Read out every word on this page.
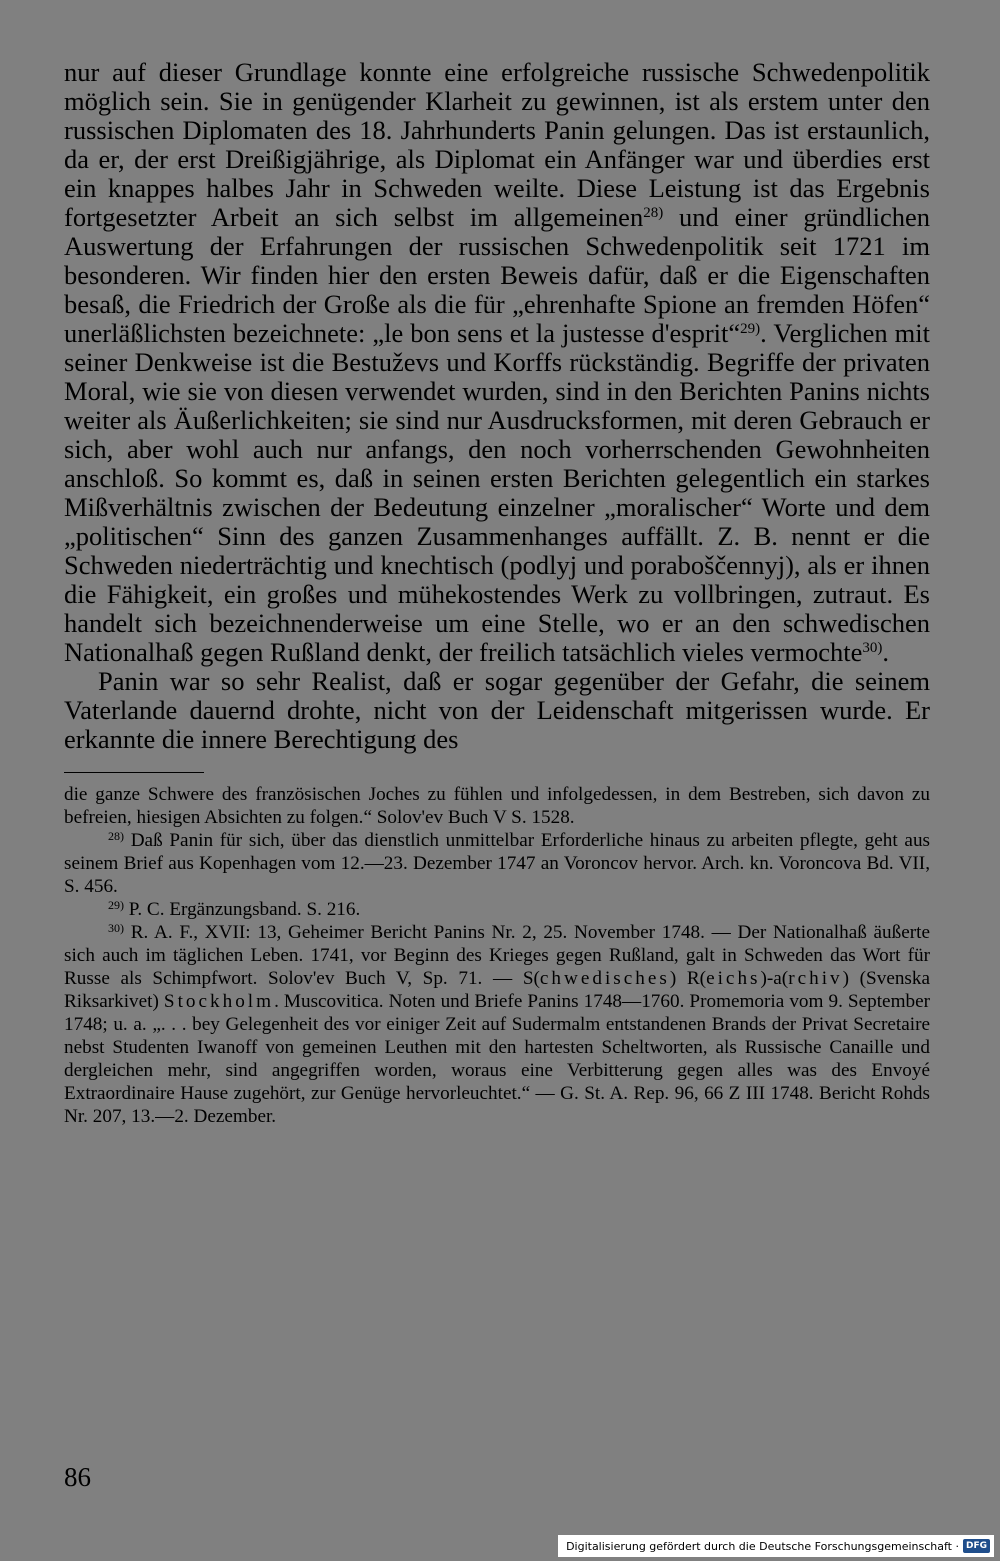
nur auf dieser Grundlage konnte eine erfolgreiche russische Schwedenpolitik möglich sein. Sie in genügender Klarheit zu gewinnen, ist als erstem unter den russischen Diplomaten des 18. Jahrhunderts Panin gelungen. Das ist erstaunlich, da er, der erst Dreißigjährige, als Diplomat ein Anfänger war und überdies erst ein knappes halbes Jahr in Schweden weilte. Diese Leistung ist das Ergebnis fortgesetzter Arbeit an sich selbst im allgemeinen$^{28)}$ und einer gründlichen Auswertung der Erfahrungen der russischen Schwedenpolitik seit 1721 im besonderen. Wir finden hier den ersten Beweis dafür, daß er die Eigenschaften besaß, die Friedrich der Große als die für „ehrenhafte Spione an fremden Höfen“ unerläßlichsten bezeichnete: „le bon sens et la justesse d'esprit“$^{29)}$. Verglichen mit seiner Denkweise ist die Bestuževs und Korffs rückständig. Begriffe der privaten Moral, wie sie von diesen verwendet wurden, sind in den Berichten Panins nichts weiter als Äußerlichkeiten; sie sind nur Ausdrucksformen, mit deren Gebrauch er sich, aber wohl auch nur anfangs, den noch vorherrschenden Gewohnheiten anschloß. So kommt es, daß in seinen ersten Berichten gelegentlich ein starkes Mißverhältnis zwischen der Bedeutung einzelner „moralischer“ Worte und dem „politischen“ Sinn des ganzen Zusammenhanges auffällt. Z. B. nennt er die Schweden niederträchtig und knechtisch (podlyj und poraboščennyj), als er ihnen die Fähigkeit, ein großes und mühekostendes Werk zu vollbringen, zutraut. Es handelt sich bezeichnenderweise um eine Stelle, wo er an den schwedischen Nationalhaß gegen Rußland denkt, der freilich tatsächlich vieles vermochte$^{30)}$.

Panin war so sehr Realist, daß er sogar gegenüber der Gefahr, die seinem Vaterlande dauernd drohte, nicht von der Leidenschaft mitgerissen wurde. Er erkannte die innere Berechtigung des

die ganze Schwere des französischen Joches zu fühlen und infolgedessen, in dem Bestreben, sich davon zu befreien, hiesigen Absichten zu folgen.“ Solov'ev Buch V S. 1528.

$^{28)}$ Daß Panin für sich, über das dienstlich unmittelbar Erforderliche hinaus zu arbeiten pflegte, geht aus seinem Brief aus Kopenhagen vom 12.—23. Dezember 1747 an Voroncov hervor. Arch. kn. Voroncova Bd. VII, S. 456.

$^{29)}$ P. C. Ergänzungsband. S. 216.

$^{30)}$ R. A. F., XVII: 13, Geheimer Bericht Panins Nr. 2, 25. November 1748. — Der Nationalhaß äußerte sich auch im täglichen Leben. 1741, vor Beginn des Krieges gegen Rußland, galt in Schweden das Wort für Russe als Schimpfwort. Solov'ev Buch V, Sp. 71. — S(chwedisches) R(eichs)-a(rchiv) (Svenska Riksarkivet) Stockholm. Muscovitica. Noten und Briefe Panins 1748—1760. Promemoria vom 9. September 1748; u. a. „. . . bey Gelegenheit des vor einiger Zeit auf Sudermalm entstandenen Brands der Privat Secretaire nebst Studenten Iwanoff von gemeinen Leuthen mit den hartesten Scheltworten, als Russische Canaille und dergleichen mehr, sind angegriffen worden, woraus eine Verbitterung gegen alles was des Envoyé Extraordinaire Hause zugehört, zur Genüge hervorleuchtet.“ — G. St. A. Rep. 96, 66 Z III 1748. Bericht Rohds Nr. 207, 13.—2. Dezember.

86
Digitalisierung gefördert durch die Deutsche Forschungsgemeinschaft · DFG
